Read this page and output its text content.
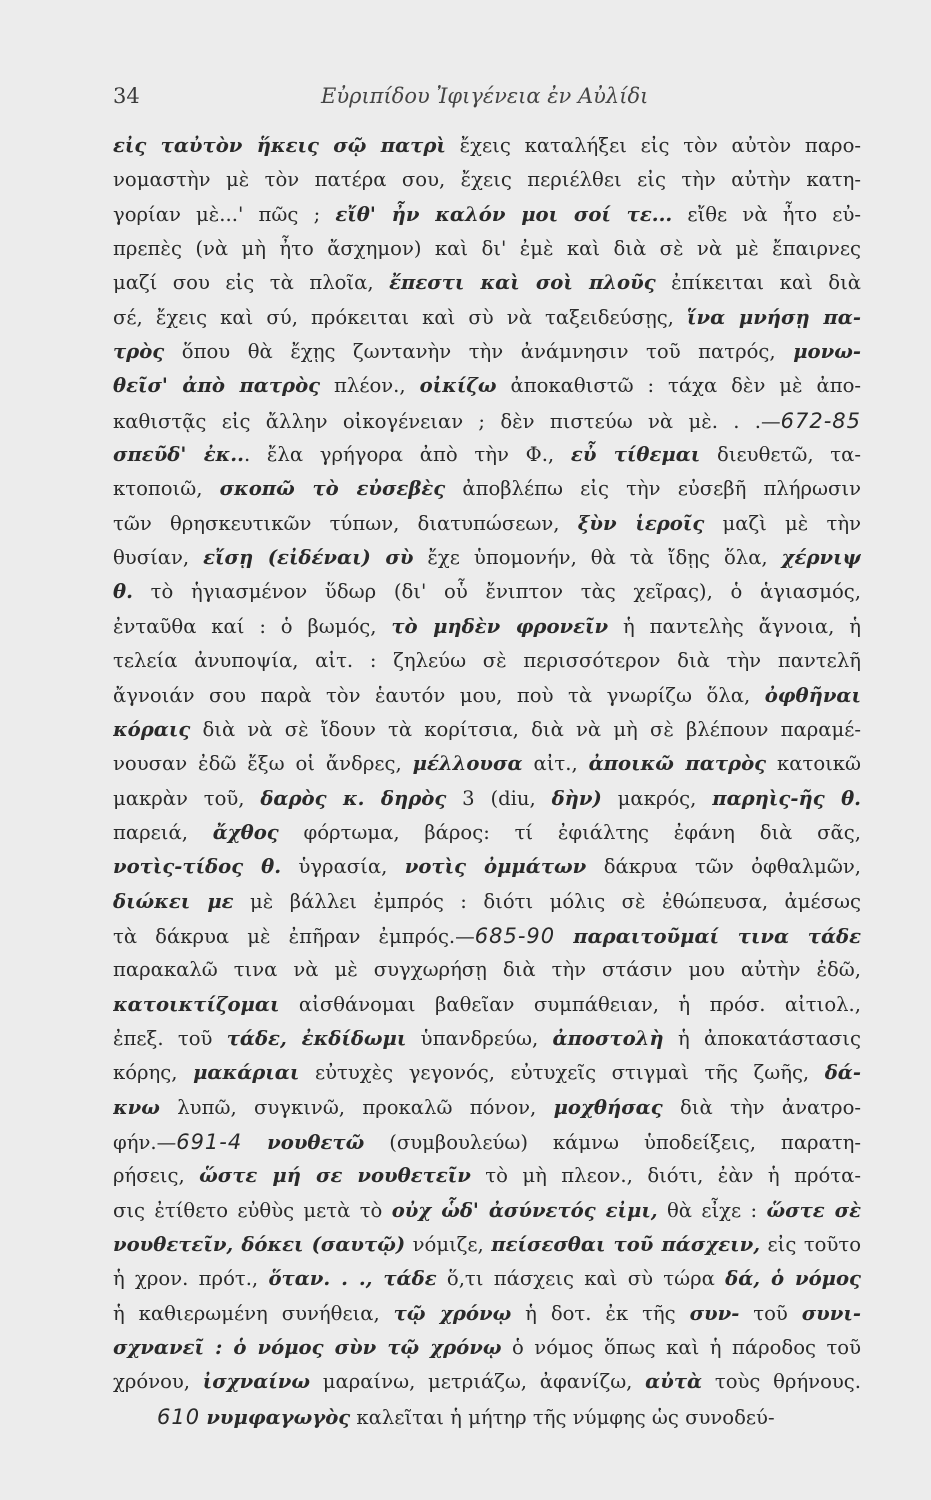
34	Εὐριπίδου Ἰφιγένεια ἐν Αὐλίδι
εἰς ταὐτὸν ἥκεις σῷ πατρὶ ἔχεις καταλήξει εἰς τὸν αὐτὸν παρο-
νομαστὴν μὲ τὸν πατέρα σου, ἔχεις περιέλθει εἰς τὴν αὐτὴν κατη-
γορίαν μὲ...' πῶς ; εἴθ' ἦν καλόν μοι σοί τε... εἴθε νὰ ἦτο εὐ-
πρεπὲς (νὰ μὴ ἦτο ἄσχημον) καὶ δι' ἐμὲ καὶ διὰ σὲ νὰ μὲ ἔπαιρνες
μαζί σου εἰς τὰ πλοῖα, ἔπεστι καὶ σοὶ πλοῦς ἐπίκειται καὶ διὰ
σέ, ἔχεις καὶ σύ, πρόκειται καὶ σὺ νὰ ταξειδεύσῃς, ἵνα μνήσῃ πα-
τρὸς ὅπου θὰ ἔχῃς ζωντανὴν τὴν ἀνάμνησιν τοῦ πατρός, μονω-
θεῖσ' ἀπὸ πατρὸς πλέον., οἰκίζω ἀποκαθιστῶ : τάχα δὲν μὲ ἀπο-
καθιστᾷς εἰς ἄλλην οἰκογένειαν ; δὲν πιστεύω νὰ μὲ. . .—672-85
σπεῦδ' ἐκ... ἔλα γρήγορα ἀπὸ τὴν Φ., εὖ τίθεμαι διευθετῶ, τα-
κτοποιῶ, σκοπῶ τὸ εὐσεβὲς ἀποβλέπω εἰς τὴν εὐσεβῆ πλήρωσιν
τῶν θρησκευτικῶν τύπων, διατυπώσεων, ξὺν ἱεροῖς μαζὶ μὲ τὴν
θυσίαν, εἴσῃ (εἰδέναι) σὺ ἔχε ὑπομονήν, θὰ τὰ ἴδῃς ὅλα, χέρνιψ
θ. τὸ ἡγιασμένον ὕδωρ (δι' οὗ ἔνιπτον τὰς χεῖρας), ὁ ἁγιασμός,
ἐνταῦθα καί : ὁ βωμός, τὸ μηδὲν φρονεῖν ἡ παντελὴς ἄγνοια, ἡ
τελεία ἀνυποψία, αἰτ. : ζηλεύω σὲ περισσότερον διὰ τὴν παντελῆ
ἄγνοιάν σου παρὰ τὸν ἑαυτόν μου, ποὺ τὰ γνωρίζω ὅλα, ὀφθῆναι
κόραις διὰ νὰ σὲ ἴδουν τὰ κορίτσια, διὰ νὰ μὴ σὲ βλέπουν παραμέ-
νουσαν ἐδῶ ἔξω οἱ ἄνδρες, μέλλουσα αἰτ., ἀποικῶ πατρὸς κατοικῶ
μακρὰν τοῦ, δαρὸς κ. δηρὸς 3 (diu, δὴν) μακρός, παρηὶς-ῆς θ.
παρειά, ἄχθος φόρτωμα, βάρος: τί ἐφιάλτης ἐφάνη διὰ σᾶς,
νοτὶς-τίδος θ. ὑγρασία, νοτὶς ὀμμάτων δάκρυα τῶν ὀφθαλμῶν,
διώκει με μὲ βάλλει ἐμπρός : διότι μόλις σὲ ἐθώπευσα, ἀμέσως
τὰ δάκρυα μὲ ἐπῆραν ἐμπρός.—685-90 παραιτοῦμαί τινα τάδε
παρακαλῶ τινα νὰ μὲ συγχωρήσῃ διὰ τὴν στάσιν μου αὐτὴν ἐδῶ,
κατοικτίζομαι αἰσθάνομαι βαθεῖαν συμπάθειαν, ἡ πρόσ. αἰτιολ.,
ἐπεξ. τοῦ τάδε, ἐκδίδωμι ὑπανδρεύω, ἀποστολὴ ἡ ἀποκατάστασις
κόρης, μακάριαι εὐτυχὲς γεγονός, εὐτυχεῖς στιγμαὶ τῆς ζωῆς, δά-
κνω λυπῶ, συγκινῶ, προκαλῶ πόνον, μοχθήσας διὰ τὴν ἀνατρο-
φήν.—691-4 νουθετῶ (συμβουλεύω) κάμνω ὑποδείξεις, παρατη-
ρήσεις, ὥστε μή σε νουθετεῖν τὸ μὴ πλεον., διότι, ἐὰν ἡ πρότα-
σις ἐτίθετο εὐθὺς μετὰ τὸ οὐχ ὧδ' ἀσύνετός εἰμι, θὰ εἶχε : ὥστε σὲ
νουθετεῖν, δόκει (σαυτῷ) νόμιζε, πείσεσθαι τοῦ πάσχειν, εἰς τοῦτο
ἡ χρον. πρότ., ὅταν. . ., τάδε ὅ,τι πάσχεις καὶ σὺ τώρα δά, ὁ νόμος
ἡ καθιερωμένη συνήθεια, τῷ χρόνῳ ἡ δοτ. ἐκ τῆς συν- τοῦ συνι-
σχνανεῖ : ὁ νόμος σὺν τῷ χρόνῳ ὁ νόμος ὅπως καὶ ἡ πάροδος τοῦ
χρόνου, ἰσχναίνω μαραίνω, μετριάζω, ἀφανίζω, αὐτὰ τοὺς θρήνους.
610 νυμφαγωγὸς καλεῖται ἡ μήτηρ τῆς νύμφης ὡς συνοδεύ-
